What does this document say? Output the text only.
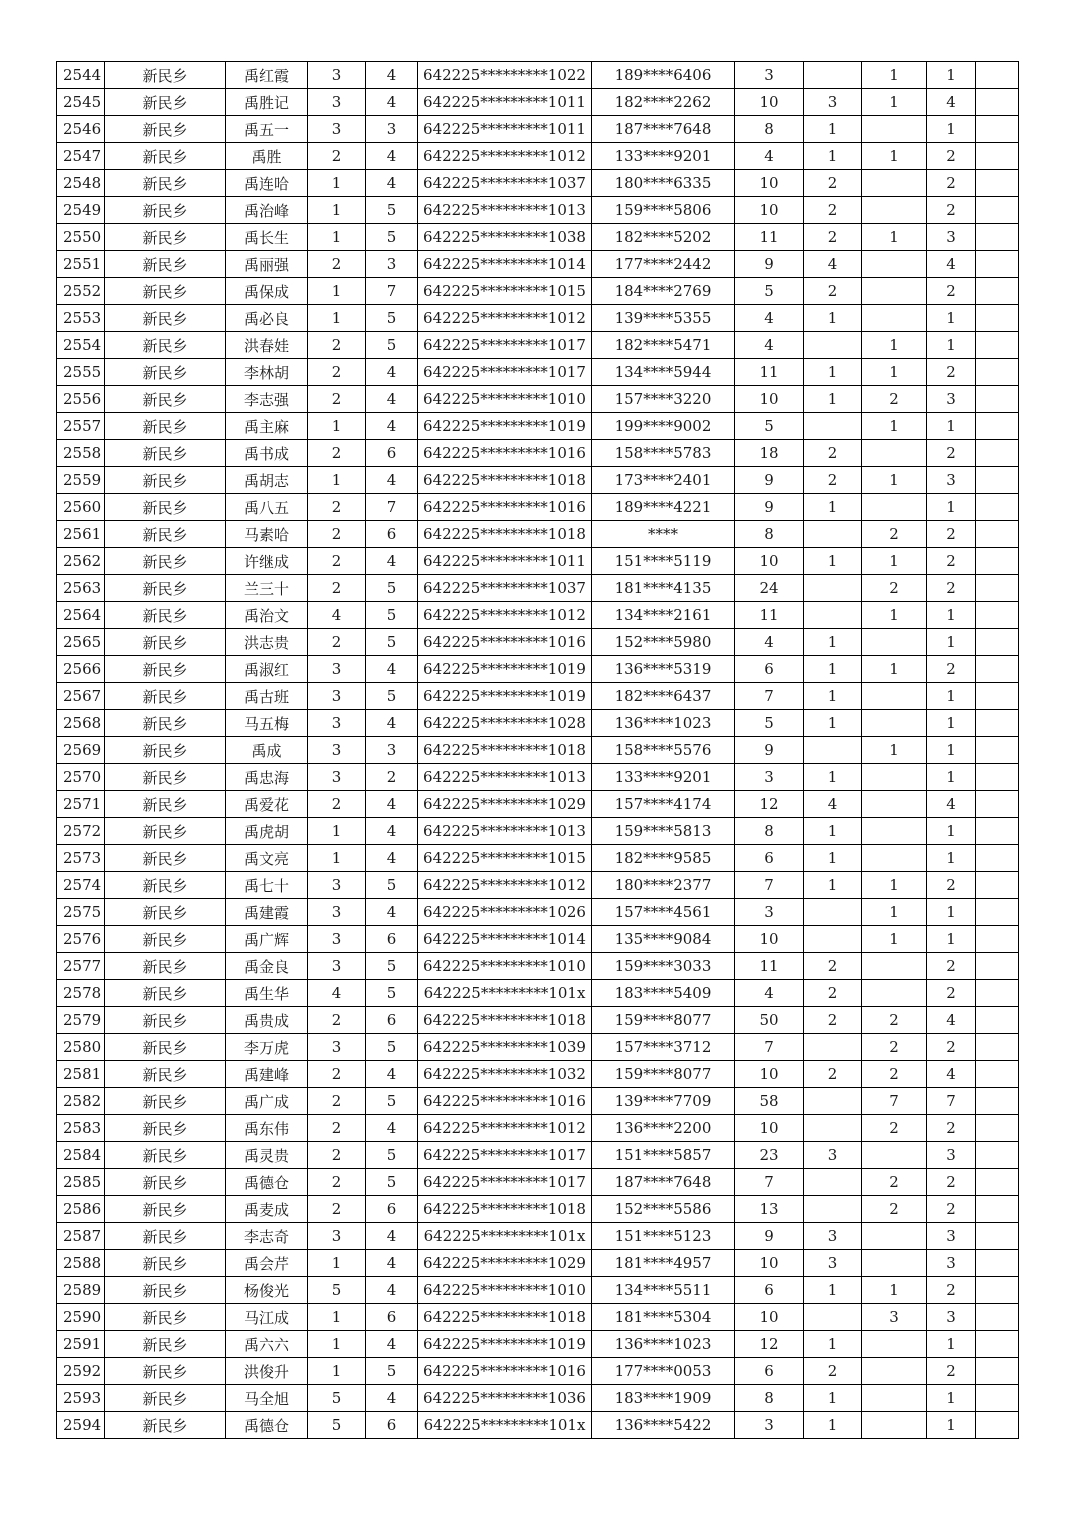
2544	新民乡	禹红霞	3	4	642225*********1022	189****6406	3		1	1	
2545	新民乡	禹胜记	3	4	642225*********1011	182****2262	10	3	1	4	
2546	新民乡	禹五一	3	3	642225*********1011	187****7648	8	1		1	
2547	新民乡	禹胜	2	4	642225*********1012	133****9201	4	1	1	2	
2548	新民乡	禹连哈	1	4	642225*********1037	180****6335	10	2		2	
2549	新民乡	禹治峰	1	5	642225*********1013	159****5806	10	2		2	
2550	新民乡	禹长生	1	5	642225*********1038	182****5202	11	2	1	3	
2551	新民乡	禹丽强	2	3	642225*********1014	177****2442	9	4		4	
2552	新民乡	禹保成	1	7	642225*********1015	184****2769	5	2		2	
2553	新民乡	禹必良	1	5	642225*********1012	139****5355	4	1		1	
2554	新民乡	洪春娃	2	5	642225*********1017	182****5471	4		1	1	
2555	新民乡	李林胡	2	4	642225*********1017	134****5944	11	1	1	2	
2556	新民乡	李志强	2	4	642225*********1010	157****3220	10	1	2	3	
2557	新民乡	禹主麻	1	4	642225*********1019	199****9002	5		1	1	
2558	新民乡	禹书成	2	6	642225*********1016	158****5783	18	2		2	
2559	新民乡	禹胡志	1	4	642225*********1018	173****2401	9	2	1	3	
2560	新民乡	禹八五	2	7	642225*********1016	189****4221	9	1		1	
2561	新民乡	马素哈	2	6	642225*********1018	****	8		2	2	
2562	新民乡	许继成	2	4	642225*********1011	151****5119	10	1	1	2	
2563	新民乡	兰三十	2	5	642225*********1037	181****4135	24		2	2	
2564	新民乡	禹治文	4	5	642225*********1012	134****2161	11		1	1	
2565	新民乡	洪志贵	2	5	642225*********1016	152****5980	4	1		1	
2566	新民乡	禹淑红	3	4	642225*********1019	136****5319	6	1	1	2	
2567	新民乡	禹古班	3	5	642225*********1019	182****6437	7	1		1	
2568	新民乡	马五梅	3	4	642225*********1028	136****1023	5	1		1	
2569	新民乡	禹成	3	3	642225*********1018	158****5576	9		1	1	
2570	新民乡	禹忠海	3	2	642225*********1013	133****9201	3	1		1	
2571	新民乡	禹爱花	2	4	642225*********1029	157****4174	12	4		4	
2572	新民乡	禹虎胡	1	4	642225*********1013	159****5813	8	1		1	
2573	新民乡	禹文亮	1	4	642225*********1015	182****9585	6	1		1	
2574	新民乡	禹七十	3	5	642225*********1012	180****2377	7	1	1	2	
2575	新民乡	禹建霞	3	4	642225*********1026	157****4561	3		1	1	
2576	新民乡	禹广辉	3	6	642225*********1014	135****9084	10		1	1	
2577	新民乡	禹金良	3	5	642225*********1010	159****3033	11	2		2	
2578	新民乡	禹生华	4	5	642225*********101x	183****5409	4	2		2	
2579	新民乡	禹贵成	2	6	642225*********1018	159****8077	50	2	2	4	
2580	新民乡	李万虎	3	5	642225*********1039	157****3712	7		2	2	
2581	新民乡	禹建峰	2	4	642225*********1032	159****8077	10	2	2	4	
2582	新民乡	禹广成	2	5	642225*********1016	139****7709	58		7	7	
2583	新民乡	禹东伟	2	4	642225*********1012	136****2200	10		2	2	
2584	新民乡	禹灵贵	2	5	642225*********1017	151****5857	23	3		3	
2585	新民乡	禹德仓	2	5	642225*********1017	187****7648	7		2	2	
2586	新民乡	禹麦成	2	6	642225*********1018	152****5586	13		2	2	
2587	新民乡	李志奇	3	4	642225*********101x	151****5123	9	3		3	
2588	新民乡	禹会芹	1	4	642225*********1029	181****4957	10	3		3	
2589	新民乡	杨俊光	5	4	642225*********1010	134****5511	6	1	1	2	
2590	新民乡	马江成	1	6	642225*********1018	181****5304	10		3	3	
2591	新民乡	禹六六	1	4	642225*********1019	136****1023	12	1		1	
2592	新民乡	洪俊升	1	5	642225*********1016	177****0053	6	2		2	
2593	新民乡	马全旭	5	4	642225*********1036	183****1909	8	1		1	
2594	新民乡	禹德仓	5	6	642225*********101x	136****5422	3	1		1	
